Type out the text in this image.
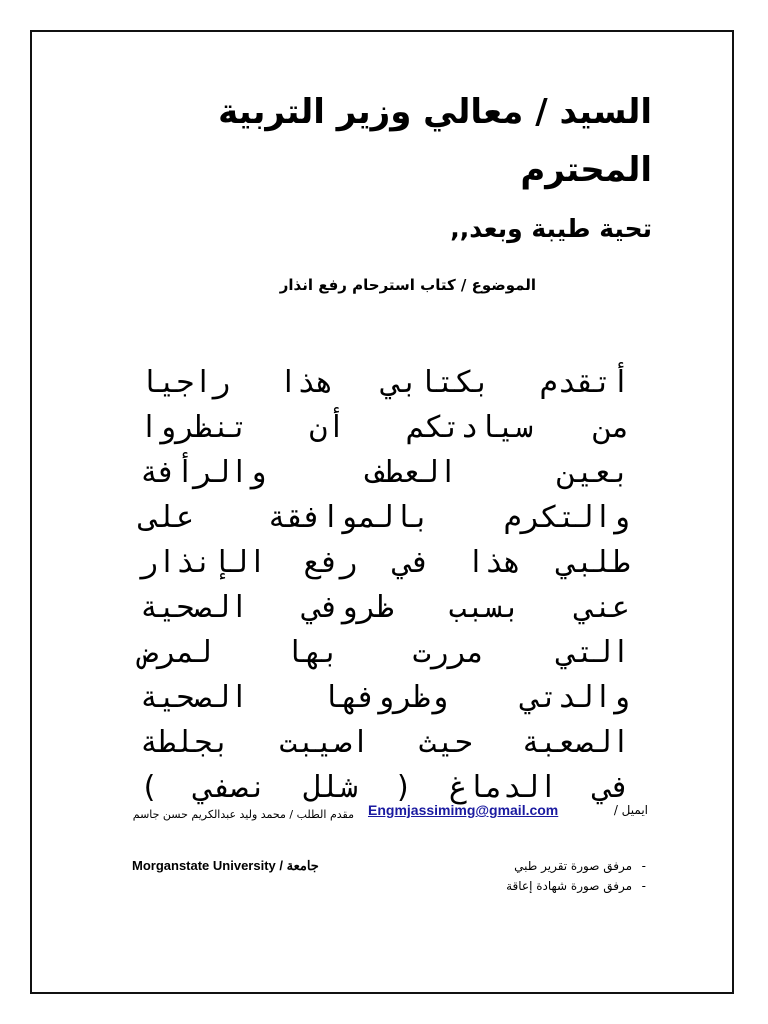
السيد / معالي وزير التربية
المحترم
تحية طيبة وبعد,,
الموضوع / كتاب استرحام رفع انذار
أتقدم بكتابي هذا راجيا
من سيادتكم أن تنظروا
بعين العطف والرأفة
والتكرم بالموافقة على
طلبي هذا في رفع الإنذار
عني بسبب ظروفي الصحية
التي مررت بها لمرض
والدتي وظروفها الصحية
الصعبة حيث اصيبت بجلطة
في الدماغ ( شلل نصفي )
ايميل /
Engmjassimimg@gmail.com
مقدم الطلب / محمد وليد عبدالكريم حسن جاسم
Morganstate University جامعة /
-	مرفق صورة تقرير طبي
- مرفق صورة شهادة إعاقة
